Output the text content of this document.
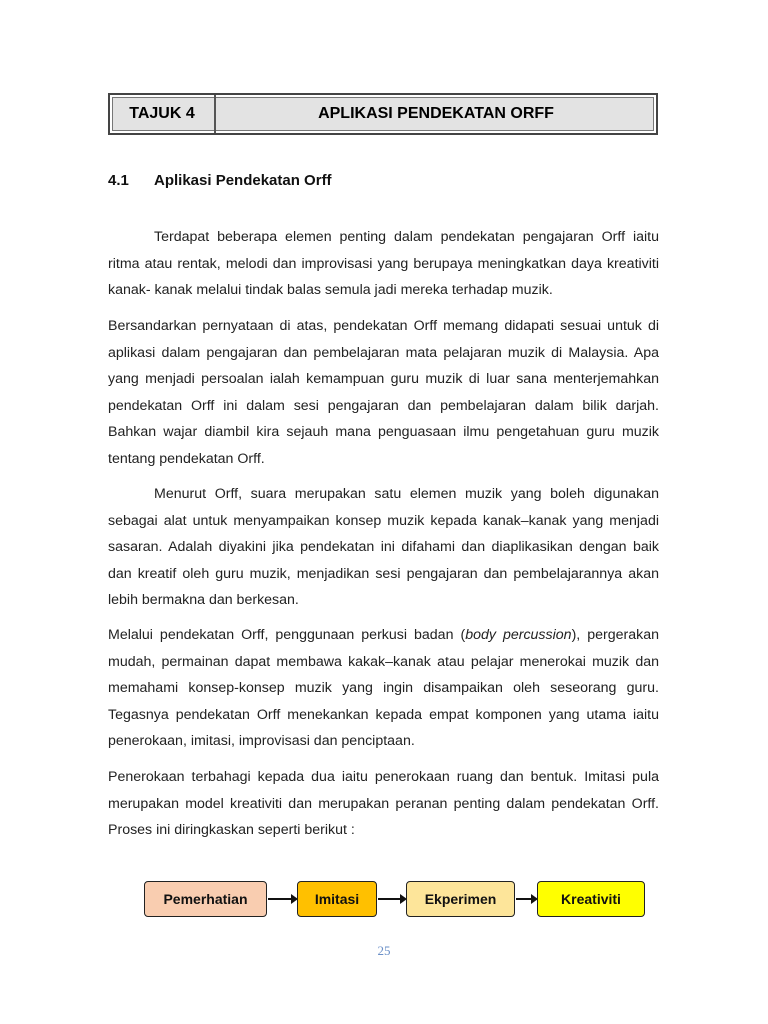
TAJUK 4	APLIKASI PENDEKATAN ORFF
4.1	Aplikasi Pendekatan Orff

Terdapat beberapa elemen penting dalam pendekatan pengajaran Orff iaitu ritma atau rentak, melodi dan improvisasi yang berupaya meningkatkan daya kreativiti kanak- kanak melalui tindak balas semula jadi mereka terhadap muzik.

Bersandarkan pernyataan di atas, pendekatan Orff memang didapati sesuai untuk di aplikasi dalam pengajaran dan pembelajaran mata pelajaran muzik di Malaysia. Apa yang menjadi persoalan ialah kemampuan guru muzik di luar sana menterjemahkan pendekatan Orff ini dalam sesi pengajaran dan pembelajaran dalam bilik darjah. Bahkan wajar diambil kira sejauh mana penguasaan ilmu pengetahuan guru muzik tentang pendekatan Orff.

Menurut Orff, suara merupakan satu elemen muzik yang boleh digunakan sebagai alat untuk menyampaikan konsep muzik kepada kanak–kanak yang menjadi sasaran. Adalah diyakini jika pendekatan ini difahami dan diaplikasikan dengan baik dan kreatif oleh guru muzik, menjadikan sesi pengajaran dan pembelajarannya akan lebih bermakna dan berkesan.

Melalui pendekatan Orff, penggunaan perkusi badan (body percussion), pergerakan mudah, permainan dapat membawa kakak–kanak atau pelajar menerokai muzik dan memahami konsep-konsep muzik yang ingin disampaikan oleh seseorang guru. Tegasnya pendekatan Orff menekankan kepada empat komponen yang utama iaitu penerokaan, imitasi, improvisasi dan penciptaan.

Penerokaan terbahagi kepada dua iaitu penerokaan ruang dan bentuk. Imitasi pula merupakan model kreativiti dan merupakan peranan penting dalam pendekatan Orff. Proses ini diringkaskan seperti berikut :

Pemerhatian	Imitasi	Ekperimen	Kreativiti
25
